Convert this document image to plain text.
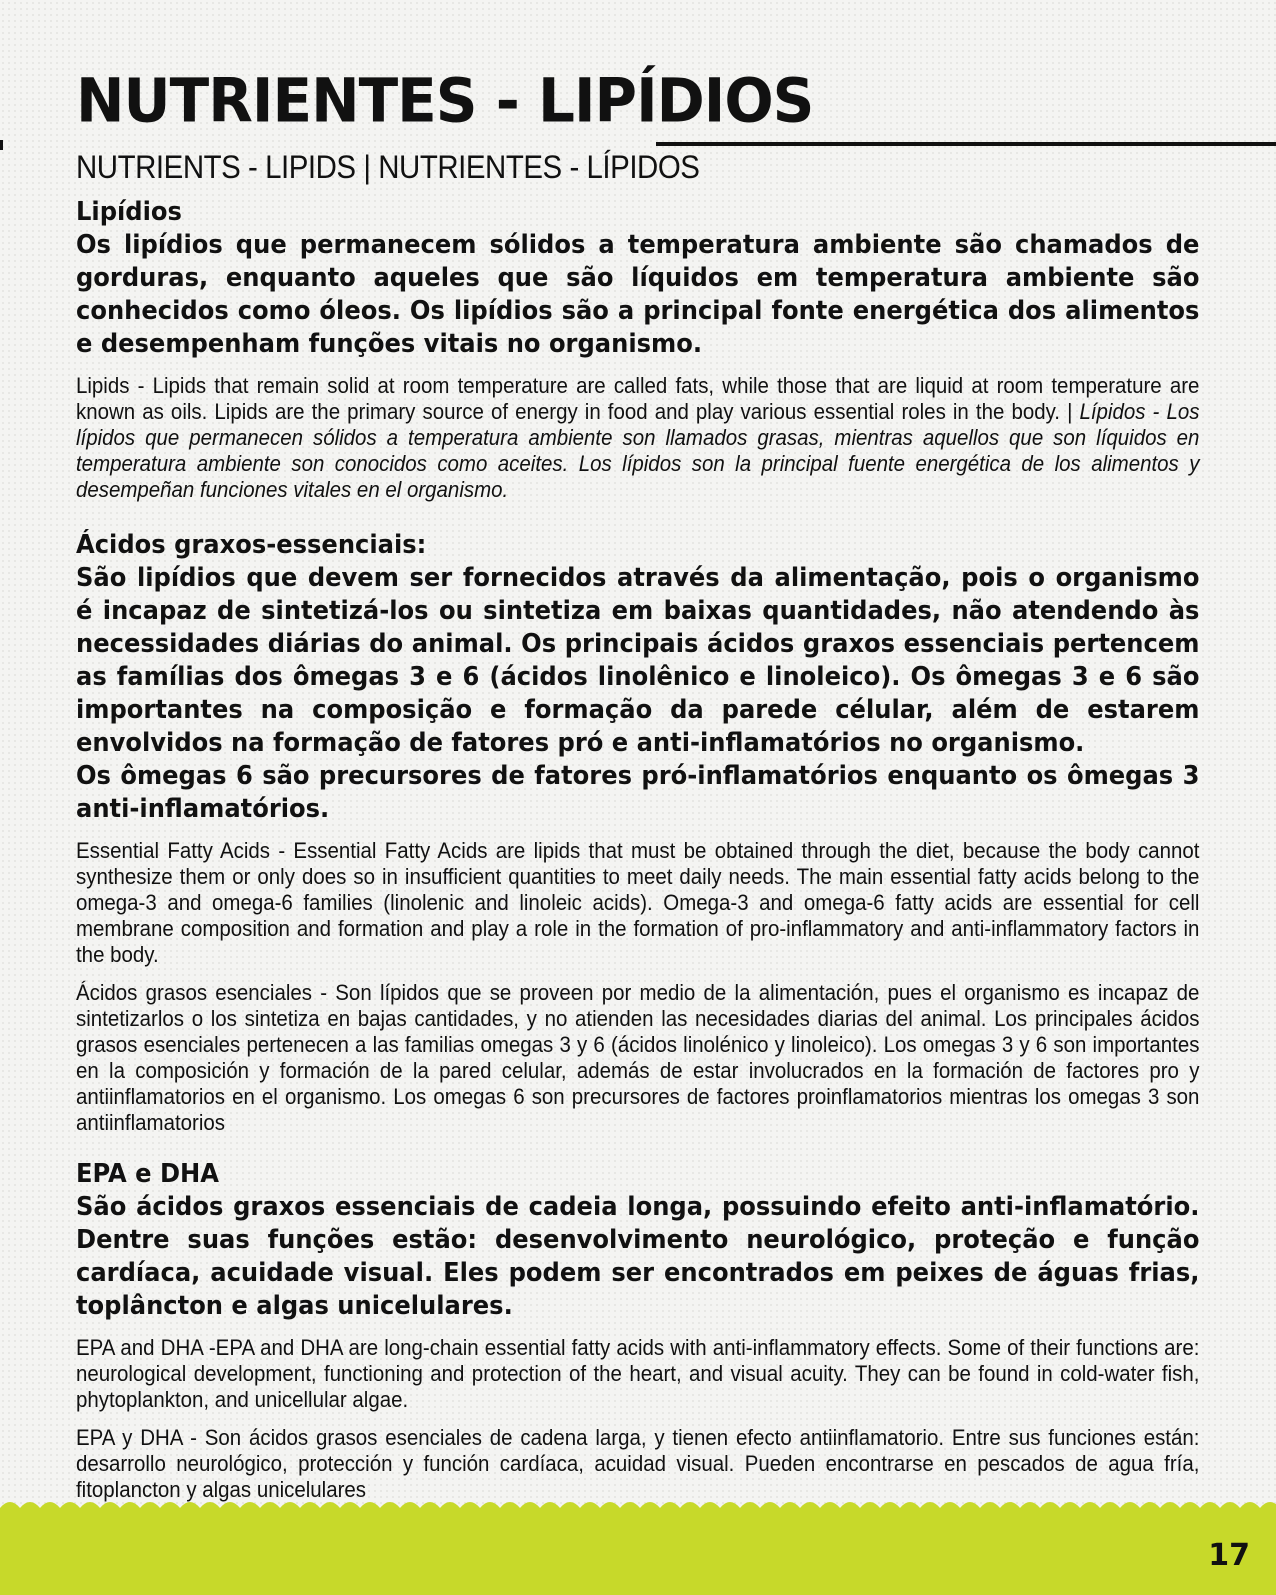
NUTRIENTES - LIPÍDIOS
NUTRIENTS - LIPIDS | NUTRIENTES - LÍPIDOS

Lipídios

Os lipídios que permanecem sólidos a temperatura ambiente são chamados de gorduras, enquanto aqueles que são líquidos em temperatura ambiente são conhecidos como óleos. Os lipídios são a principal fonte energética dos alimentos e desempenham funções vitais no organismo.

Lipids - Lipids that remain solid at room temperature are called fats, while those that are liquid at room temperature are known as oils. Lipids are the primary source of energy in food and play various essential roles in the body. | Lípidos - Los lípidos que permanecen sólidos a temperatura ambiente son llamados grasas, mientras aquellos que son líquidos en temperatura ambiente son conocidos como aceites. Los lípidos son la principal fuente energética de los alimentos y desempeñan funciones vitales en el organismo.

Ácidos graxos-essenciais:

São lipídios que devem ser fornecidos através da alimentação, pois o organismo é incapaz de sintetizá-los ou sintetiza em baixas quantidades, não atendendo às necessidades diárias do animal. Os principais ácidos graxos essenciais pertencem as famílias dos ômegas 3 e 6 (ácidos linolênico e linoleico). Os ômegas 3 e 6 são importantes na composição e formação da parede célular, além de estarem envolvidos na formação de fatores pró e anti-inflamatórios no organismo.

Os ômegas 6 são precursores de fatores pró-inflamatórios enquanto os ômegas 3 anti-inflamatórios.

Essential Fatty Acids - Essential Fatty Acids are lipids that must be obtained through the diet, because the body cannot synthesize them or only does so in insufficient quantities to meet daily needs. The main essential fatty acids belong to the omega-3 and omega-6 families (linolenic and linoleic acids). Omega-3 and omega-6 fatty acids are essential for cell membrane composition and formation and play a role in the formation of pro-inflammatory and anti-inflammatory factors in the body.

Ácidos grasos esenciales - Son lípidos que se proveen por medio de la alimentación, pues el organismo es incapaz de sintetizarlos o los sintetiza en bajas cantidades, y no atienden las necesidades diarias del animal. Los principales ácidos grasos esenciales pertenecen a las familias omegas 3 y 6 (ácidos linolénico y linoleico). Los omegas 3 y 6 son importantes en la composición y formación de la pared celular, además de estar involucrados en la formación de factores pro y antiinflamatorios en el organismo. Los omegas 6 son precursores de factores proinflamatorios mientras los omegas 3 son antiinflamatorios

EPA e DHA

São ácidos graxos essenciais de cadeia longa, possuindo efeito anti-inflamatório. Dentre suas funções estão: desenvolvimento neurológico, proteção e função cardíaca, acuidade visual. Eles podem ser encontrados em peixes de águas frias, toplâncton e algas unicelulares.

EPA and DHA -EPA and DHA are long-chain essential fatty acids with anti-inflammatory effects. Some of their functions are: neurological development, functioning and protection of the heart, and visual acuity. They can be found in cold-water fish, phytoplankton, and unicellular algae.

EPA y DHA - Son ácidos grasos esenciales de cadena larga, y tienen efecto antiinflamatorio. Entre sus funciones están: desarrollo neurológico, protección y función cardíaca, acuidad visual. Pueden encontrarse en pescados de agua fría, fitoplancton y algas unicelulares

17
